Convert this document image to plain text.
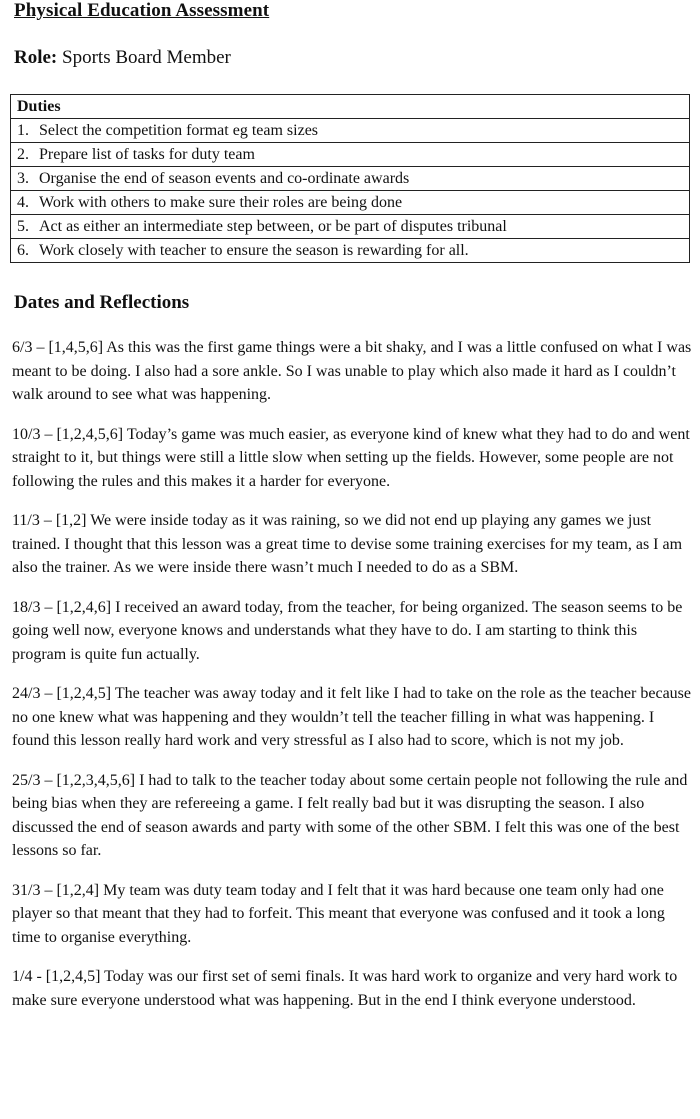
Physical Education Assessment
Role: Sports Board Member
Duties
1. Select the competition format eg team sizes
2. Prepare list of tasks for duty team
3. Organise the end of season events and co-ordinate awards
4. Work with others to make sure their roles are being done
5. Act as either an intermediate step between, or be part of disputes tribunal
6. Work closely with teacher to ensure the season is rewarding for all.
Dates and Reflections

6/3 – [1,4,5,6] As this was the first game things were a bit shaky, and I was a little confused on what I was meant to be doing. I also had a sore ankle. So I was unable to play which also made it hard as I couldn’t walk around to see what was happening.

10/3 – [1,2,4,5,6] Today’s game was much easier, as everyone kind of knew what they had to do and went straight to it, but things were still a little slow when setting up the fields. However, some people are not following the rules and this makes it a harder for everyone.

11/3 – [1,2] We were inside today as it was raining, so we did not end up playing any games we just trained. I thought that this lesson was a great time to devise some training exercises for my team, as I am also the trainer. As we were inside there wasn’t much I needed to do as a SBM.

18/3 – [1,2,4,6] I received an award today, from the teacher, for being organized. The season seems to be going well now, everyone knows and understands what they have to do. I am starting to think this program is quite fun actually.

24/3 – [1,2,4,5] The teacher was away today and it felt like I had to take on the role as the teacher because no one knew what was happening and they wouldn’t tell the teacher filling in what was happening. I found this lesson really hard work and very stressful as I also had to score, which is not my job.

25/3 – [1,2,3,4,5,6] I had to talk to the teacher today about some certain people not following the rule and being bias when they are refereeing a game. I felt really bad but it was disrupting the season. I also discussed the end of season awards and party with some of the other SBM. I felt this was one of the best lessons so far.

31/3 – [1,2,4] My team was duty team today and I felt that it was hard because one team only had one player so that meant that they had to forfeit. This meant that everyone was confused and it took a long time to organise everything.

1/4 - [1,2,4,5] Today was our first set of semi finals. It was hard work to organize and very hard work to make sure everyone understood what was happening. But in the end I think everyone understood.
